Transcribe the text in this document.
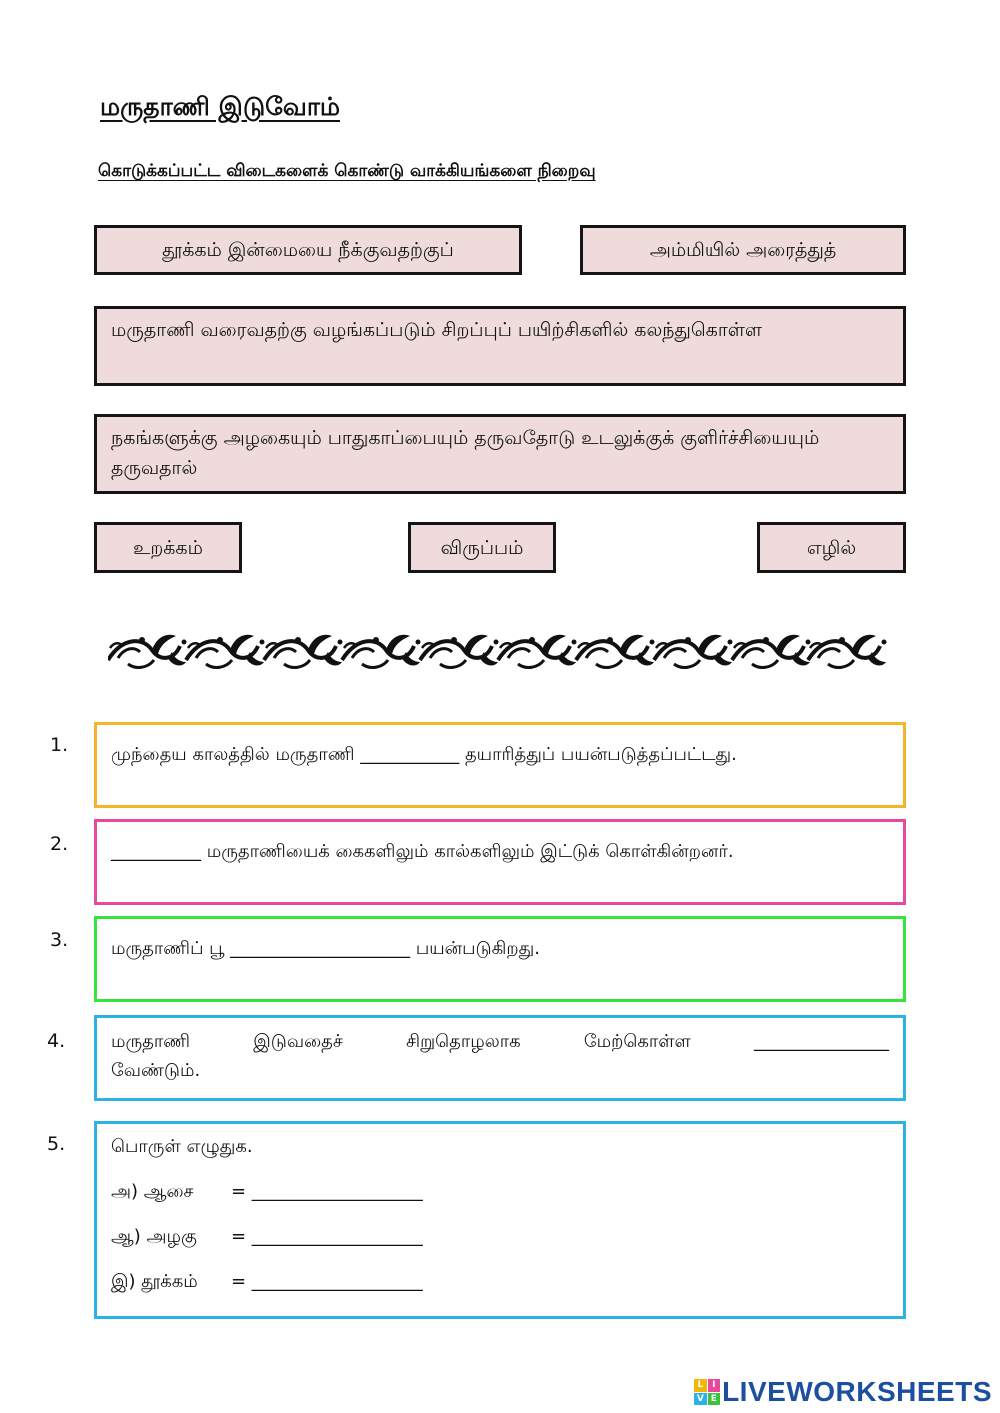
மருதாணி இடுவோம்
கொடுக்கப்பட்ட விடைகளைக் கொண்டு வாக்கியங்களை நிறைவு
தூக்கம் இன்மையை நீக்குவதற்குப்	அம்மியில் அரைத்துத்
மருதாணி வரைவதற்கு வழங்கப்படும் சிறப்புப் பயிற்சிகளில் கலந்துகொள்ள
நகங்களுக்கு அழகையும் பாதுகாப்பையும் தருவதோடு உடலுக்குக் குளிர்ச்சியையும் தருவதால்
உறக்கம்	விருப்பம்	எழில்
1. முந்தைய காலத்தில் மருதாணி ___________ தயாரித்துப் பயன்படுத்தப்பட்டது.
2. __________ மருதாணியைக் கைகளிலும் கால்களிலும் இட்டுக் கொள்கின்றனர்.
3. மருதாணிப் பூ ____________________ பயன்படுகிறது.
4.	மருதாணி	இடுவதைச்	சிறுதொழலாக	மேற்கொள்ள	_______________
வேண்டும்.
5.	பொருள் எழுதுக.
அ) ஆசை	= ___________________
ஆ) அழகு	= ___________________
இ) தூக்கம்	= ___________________
L I
V E LIVEWORKSHEETS
